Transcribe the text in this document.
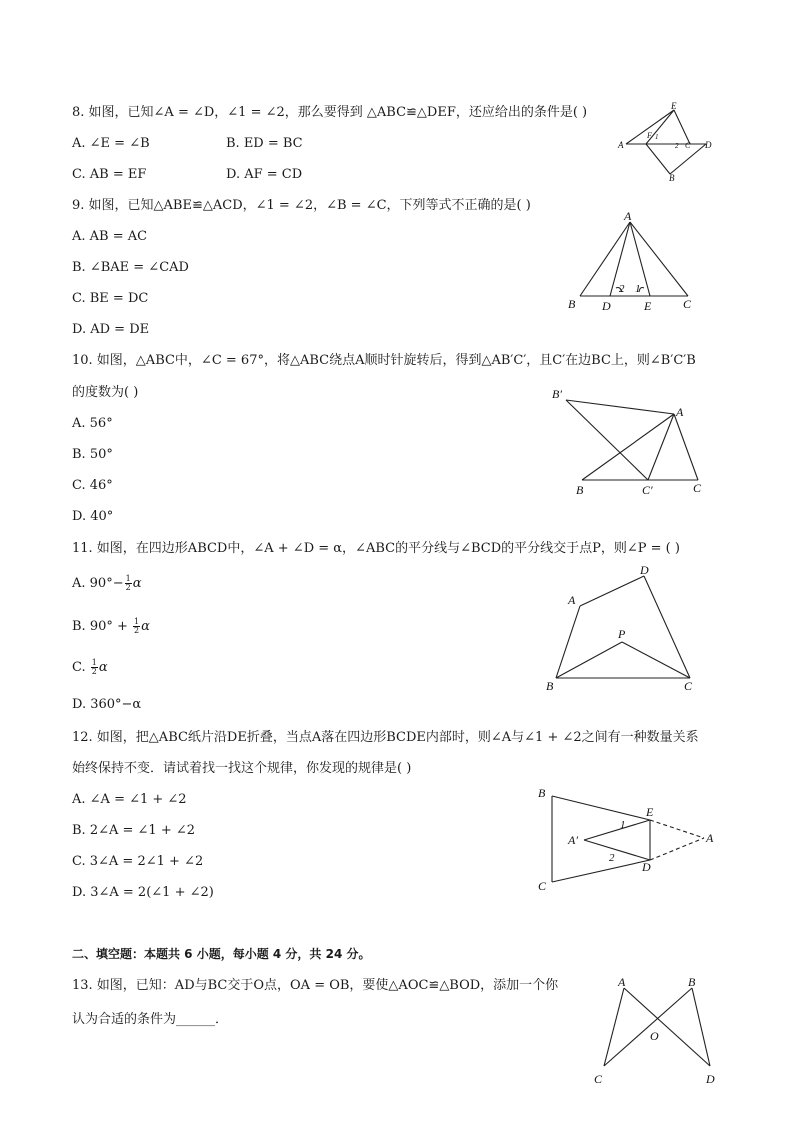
8. 如图，已知∠A = ∠D，∠1 = ∠2，那么要得到 △ABC≌△DEF，还应给出的条件是( )
A. ∠E = ∠B	B. ED = BC
C. AB = EF	D. AF = CD
E
F 1
A	2 C D
B
9. 如图，已知△ABE≌△ACD，∠1 = ∠2，∠B = ∠C，下列等式不正确的是( )
A. AB = AC
B. ∠BAE = ∠CAD
C. BE = DC
D. AD = DE
A
B D	E	C
2 1
10. 如图，△ABC中，∠C = 67°，将△ABC绕点A顺时针旋转后，得到△AB′C′，且C′在边BC上，则∠B′C′B
的度数为( )
A. 56°
B. 50°
C. 46°
D. 40°
B′
A
B	C′	C
11. 如图，在四边形ABCD中，∠A + ∠D = α，∠ABC的平分线与∠BCD的平分线交于点P，则∠P = ( )
A. $90^\circ- \frac{1}{2}$ α
B. $90^\circ + \frac{1}{2}$ α
C. $\frac{1}{2}$ α
D. 360°−α
D
A
P
B	C
12. 如图，把△ABC纸片沿DE折叠，当点A落在四边形BCDE内部时，则∠A与∠1 + ∠2之间有一种数量关系
始终保持不变．请试着找一找这个规律，你发现的规律是( )
A. ∠A = ∠1 + ∠2
B. 2∠A = ∠1 + ∠2
C. 3∠A = 2∠1 + ∠2
D. 3∠A = 2(∠1 + ∠2)
B
E
1
A′	A
2
D
C
二、填空题：本题共 6 小题，每小题 4 分，共 24 分。
13. 如图，已知：AD与BC交于O点，OA = OB，要使△AOC≌△BOD，添加一个你
认为合适的条件为______．
A	B
O
C	D
